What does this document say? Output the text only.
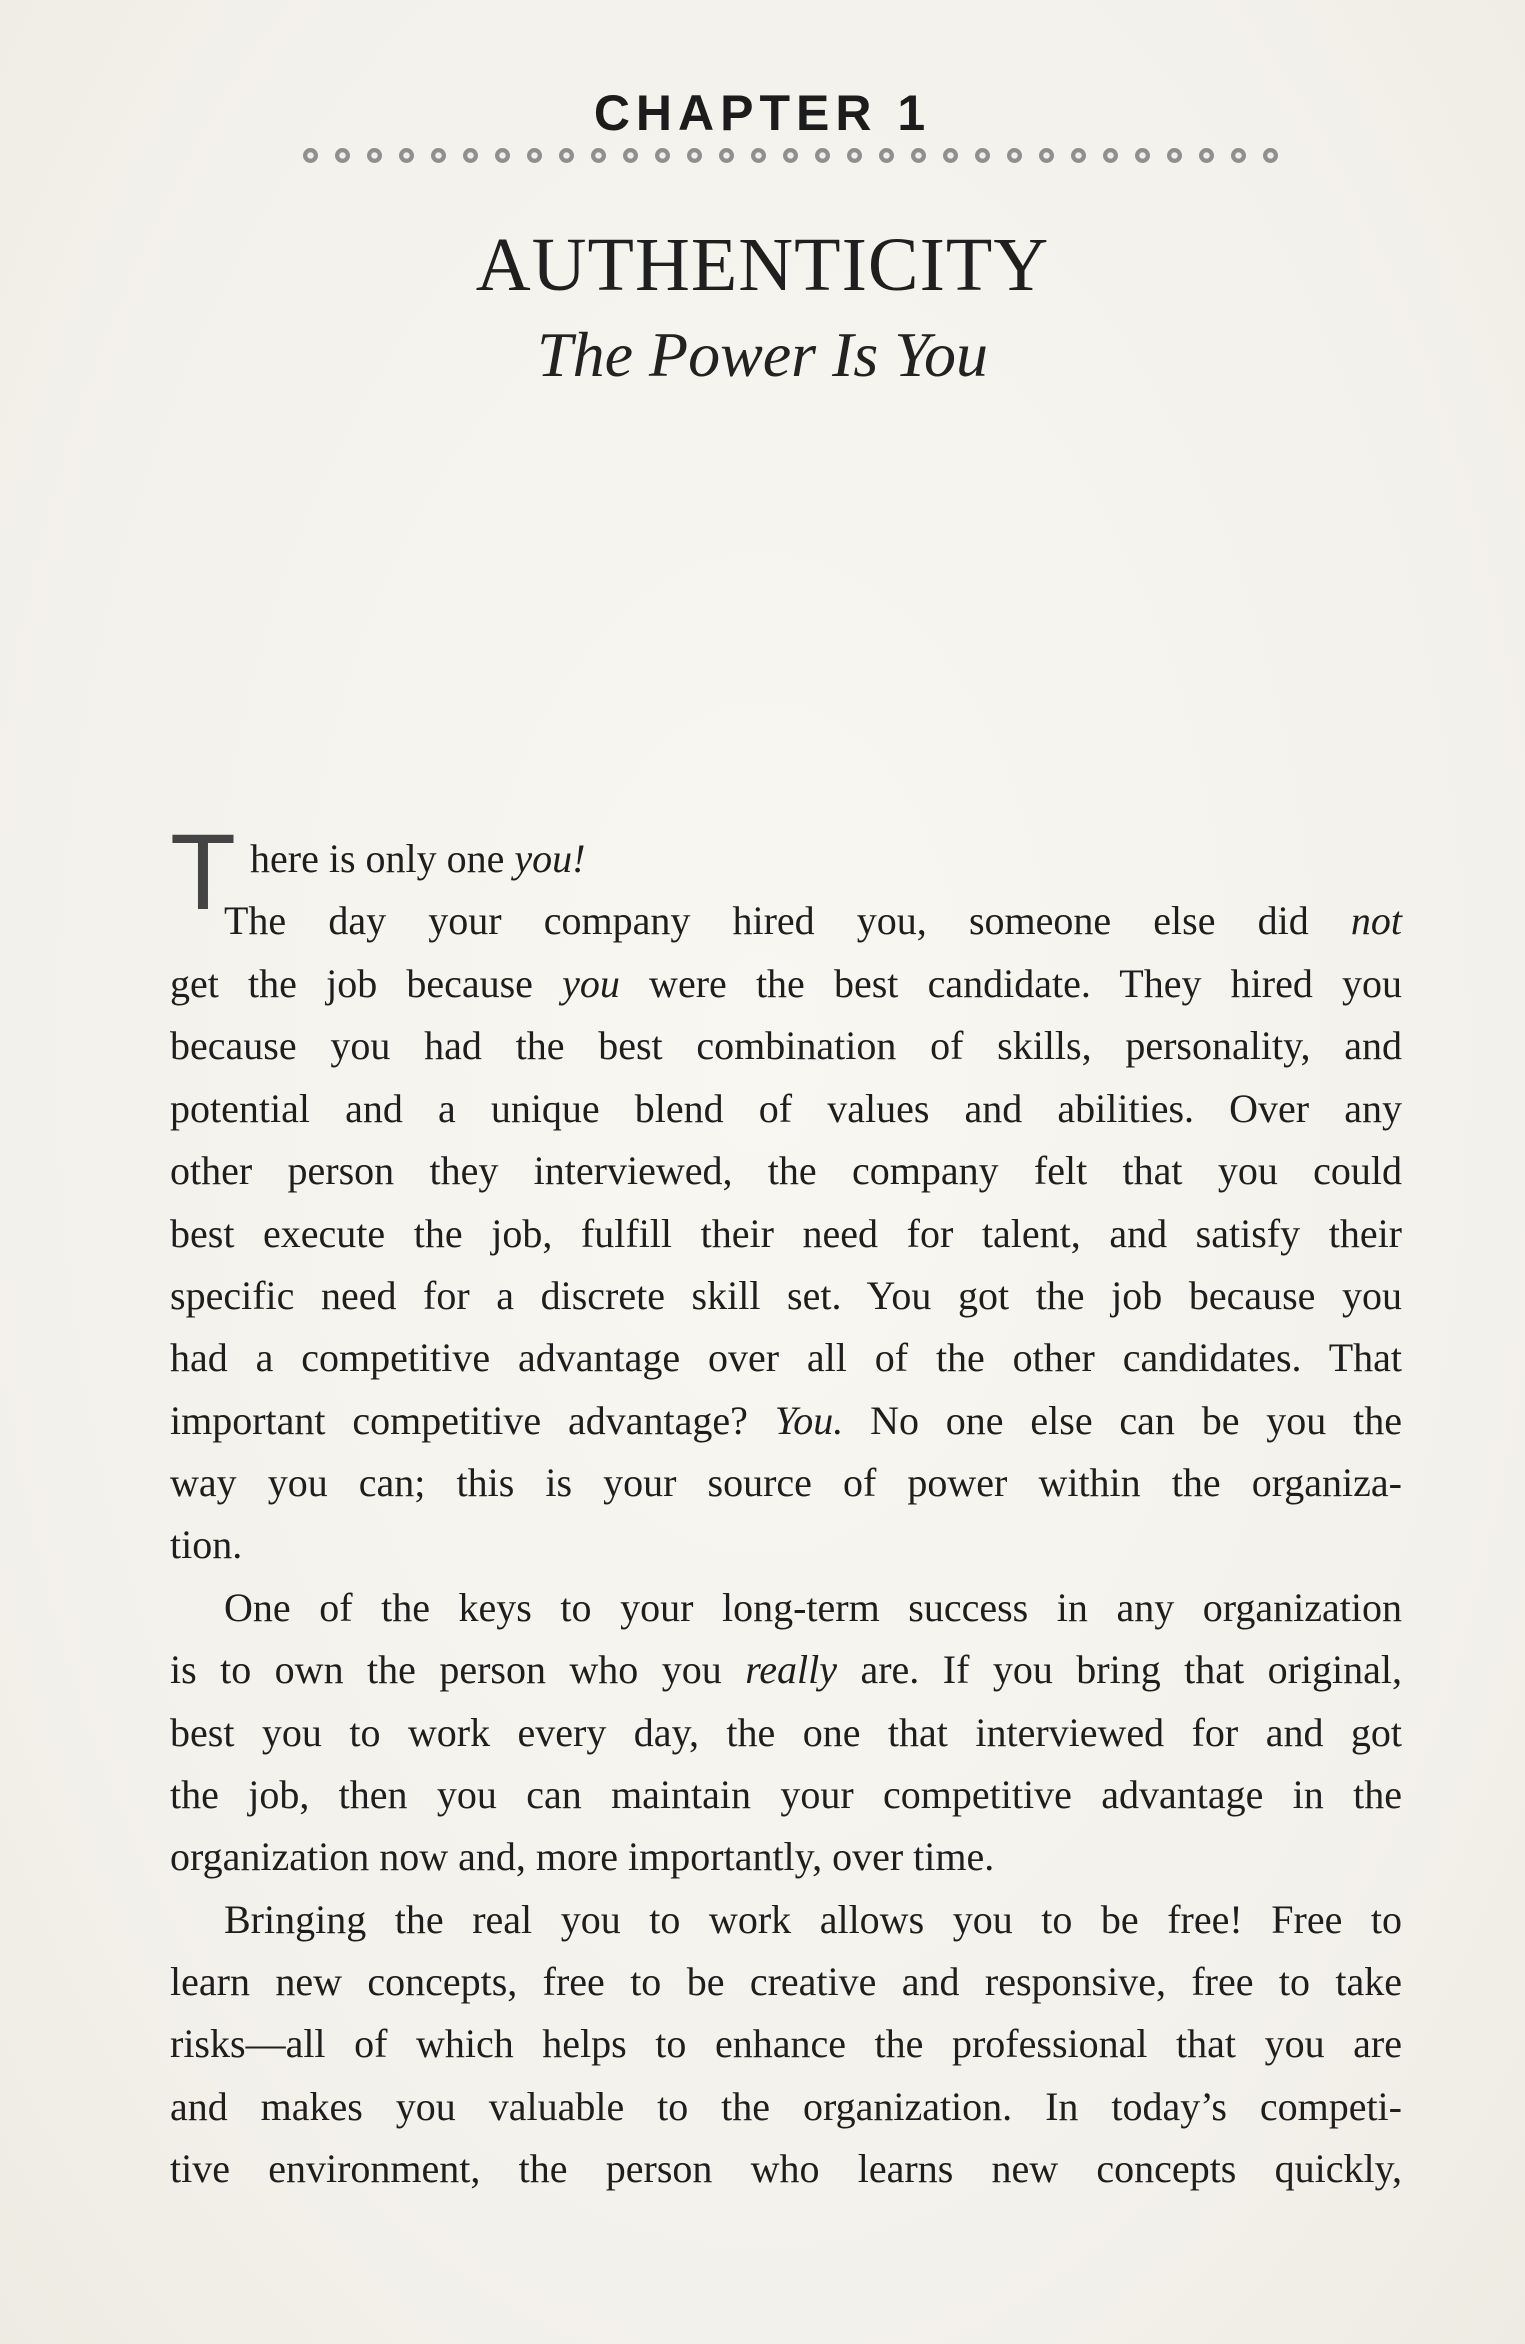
CHAPTER 1
AUTHENTICITY
The Power Is You
T here is only one you!
The day your company hired you, someone else did not
get the job because you were the best candidate. They hired you
because you had the best combination of skills, personality, and
potential and a unique blend of values and abilities. Over any
other person they interviewed, the company felt that you could
best execute the job, fulfill their need for talent, and satisfy their
specific need for a discrete skill set. You got the job because you
had a competitive advantage over all of the other candidates. That
important competitive advantage? You. No one else can be you the
way you can; this is your source of power within the organiza-
tion.
One of the keys to your long-term success in any organization
is to own the person who you really are. If you bring that original,
best you to work every day, the one that interviewed for and got
the job, then you can maintain your competitive advantage in the
organization now and, more importantly, over time.
Bringing the real you to work allows you to be free! Free to
learn new concepts, free to be creative and responsive, free to take
risks—all of which helps to enhance the professional that you are
and makes you valuable to the organization. In today’s competi-
tive environment, the person who learns new concepts quickly,
